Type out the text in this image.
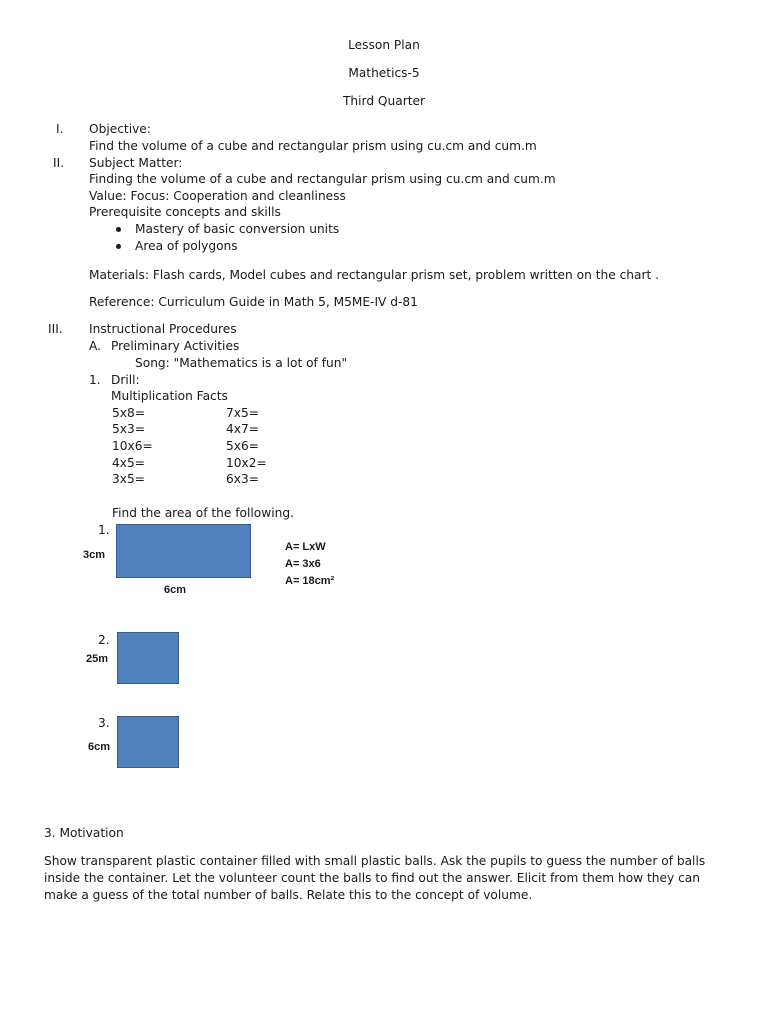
Lesson Plan
Mathetics-5
Third Quarter
I. Objective:
Find the volume of a cube and rectangular prism using cu.cm and cum.m
II. Subject Matter:
Finding the volume of a cube and rectangular prism using cu.cm and cum.m
Value: Focus: Cooperation and cleanliness
Prerequisite concepts and skills
Mastery of basic conversion units
Area of polygons
Materials: Flash cards, Model cubes and rectangular prism set, problem written on the chart .
Reference: Curriculum Guide in Math 5, M5ME-IV d-81
III. Instructional Procedures
A. Preliminary Activities
Song: "Mathematics is a lot of fun"
1. Drill:
Multiplication Facts
5x8=
5x3=
10x6=
4x5=
3x5=
7x5=
4x7=
5x6=
10x2=
6x3=
Find the area of the following.
1.
3cm
6cm
A= LxW
A= 3x6
A= 18cm²
2.
25m
3.
6cm
3. Motivation
Show transparent plastic container filled with small plastic balls. Ask the pupils to guess the number of balls
inside the container. Let the volunteer count the balls to find out the answer. Elicit from them how they can
make a guess of the total number of balls. Relate this to the concept of volume.
